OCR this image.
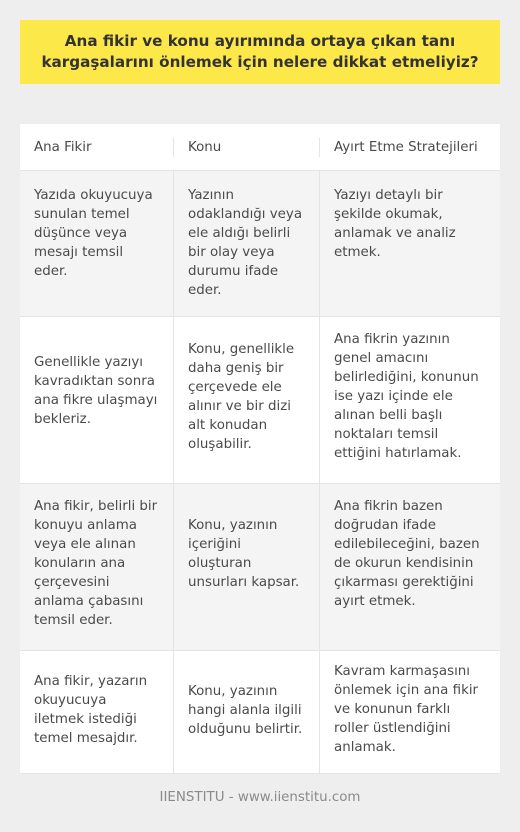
Ana fikir ve konu ayırımında ortaya çıkan tanı kargaşalarını önlemek için nelere dikkat etmeliyiz?
Ana Fikir	Konu	Ayırt Etme Stratejileri
Yazıda okuyucuya sunulan temel düşünce veya mesajı temsil eder.
Yazının odaklandığı veya ele aldığı belirli bir olay veya durumu ifade eder.
Yazıyı detaylı bir şekilde okumak, anlamak ve analiz etmek.
Genellikle yazıyı kavradıktan sonra ana fikre ulaşmayı bekleriz.
Konu, genellikle daha geniş bir çerçevede ele alınır ve bir dizi alt konudan oluşabilir.
Ana fikrin yazının genel amacını belirlediğini, konunun ise yazı içinde ele alınan belli başlı noktaları temsil ettiğini hatırlamak.
Ana fikir, belirli bir konuyu anlama veya ele alınan konuların ana çerçevesini anlama çabasını temsil eder.
Konu, yazının içeriğini oluşturan unsurları kapsar.
Ana fikrin bazen doğrudan ifade edilebileceğini, bazen de okurun kendisinin çıkarması gerektiğini ayırt etmek.
Ana fikir, yazarın okuyucuya iletmek istediği temel mesajdır.
Konu, yazının hangi alanla ilgili olduğunu belirtir.
Kavram karmaşasını önlemek için ana fikir ve konunun farklı roller üstlendiğini anlamak.
IIENSTITU - www.iienstitu.com
